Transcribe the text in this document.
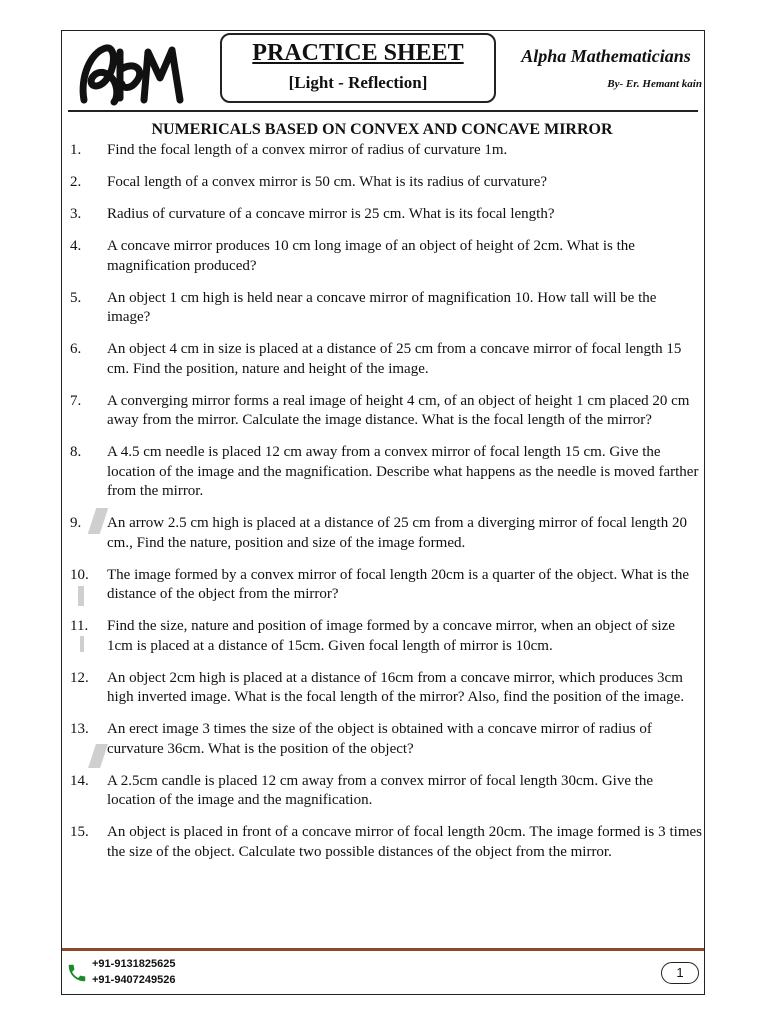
PRACTICE SHEET
[Light - Reflection]
Alpha Mathematicians
By- Er. Hemant kain
NUMERICALS BASED ON CONVEX AND CONCAVE MIRROR
1.	Find the focal length of a convex mirror of radius of curvature 1m.
2.	Focal length of a convex mirror is 50 cm. What is its radius of curvature?
3.	Radius of curvature of a concave mirror is 25 cm. What is its focal length?
4.	A concave mirror produces 10 cm long image of an object of height of 2cm. What is the magnification produced?
5.	An object 1 cm high is held near a concave mirror of magnification 10. How tall will be the image?
6.	An object 4 cm in size is placed at a distance of 25 cm from a concave mirror of focal length 15 cm. Find the position, nature and height of the image.
7.	A converging mirror forms a real image of height 4 cm, of an object of height 1 cm placed 20 cm away from the mirror. Calculate the image distance. What is the focal length of the mirror?
8.	A 4.5 cm needle is placed 12 cm away from a convex mirror of focal length 15 cm. Give the location of the image and the magnification. Describe what happens as the needle is moved farther from the mirror.
9.	An arrow 2.5 cm high is placed at a distance of 25 cm from a diverging mirror of focal length 20 cm., Find the nature, position and size of the image formed.
10.	The image formed by a convex mirror of focal length 20cm is a quarter of the object. What is the distance of the object from the mirror?
11.	Find the size, nature and position of image formed by a concave mirror, when an object of size 1cm is placed at a distance of 15cm. Given focal length of mirror is 10cm.
12.	An object 2cm high is placed at a distance of 16cm from a concave mirror, which produces 3cm high inverted image. What is the focal length of the mirror? Also, find the position of the image.
13.	An erect image 3 times the size of the object is obtained with a concave mirror of radius of curvature 36cm. What is the position of the object?
14.	A 2.5cm candle is placed 12 cm away from a convex mirror of focal length 30cm. Give the location of the image and the magnification.
15.	An object is placed in front of a concave mirror of focal length 20cm. The image formed is 3 times the size of the object. Calculate two possible distances of the object from the mirror.
+91-9131825625
+91-9407249526	1
